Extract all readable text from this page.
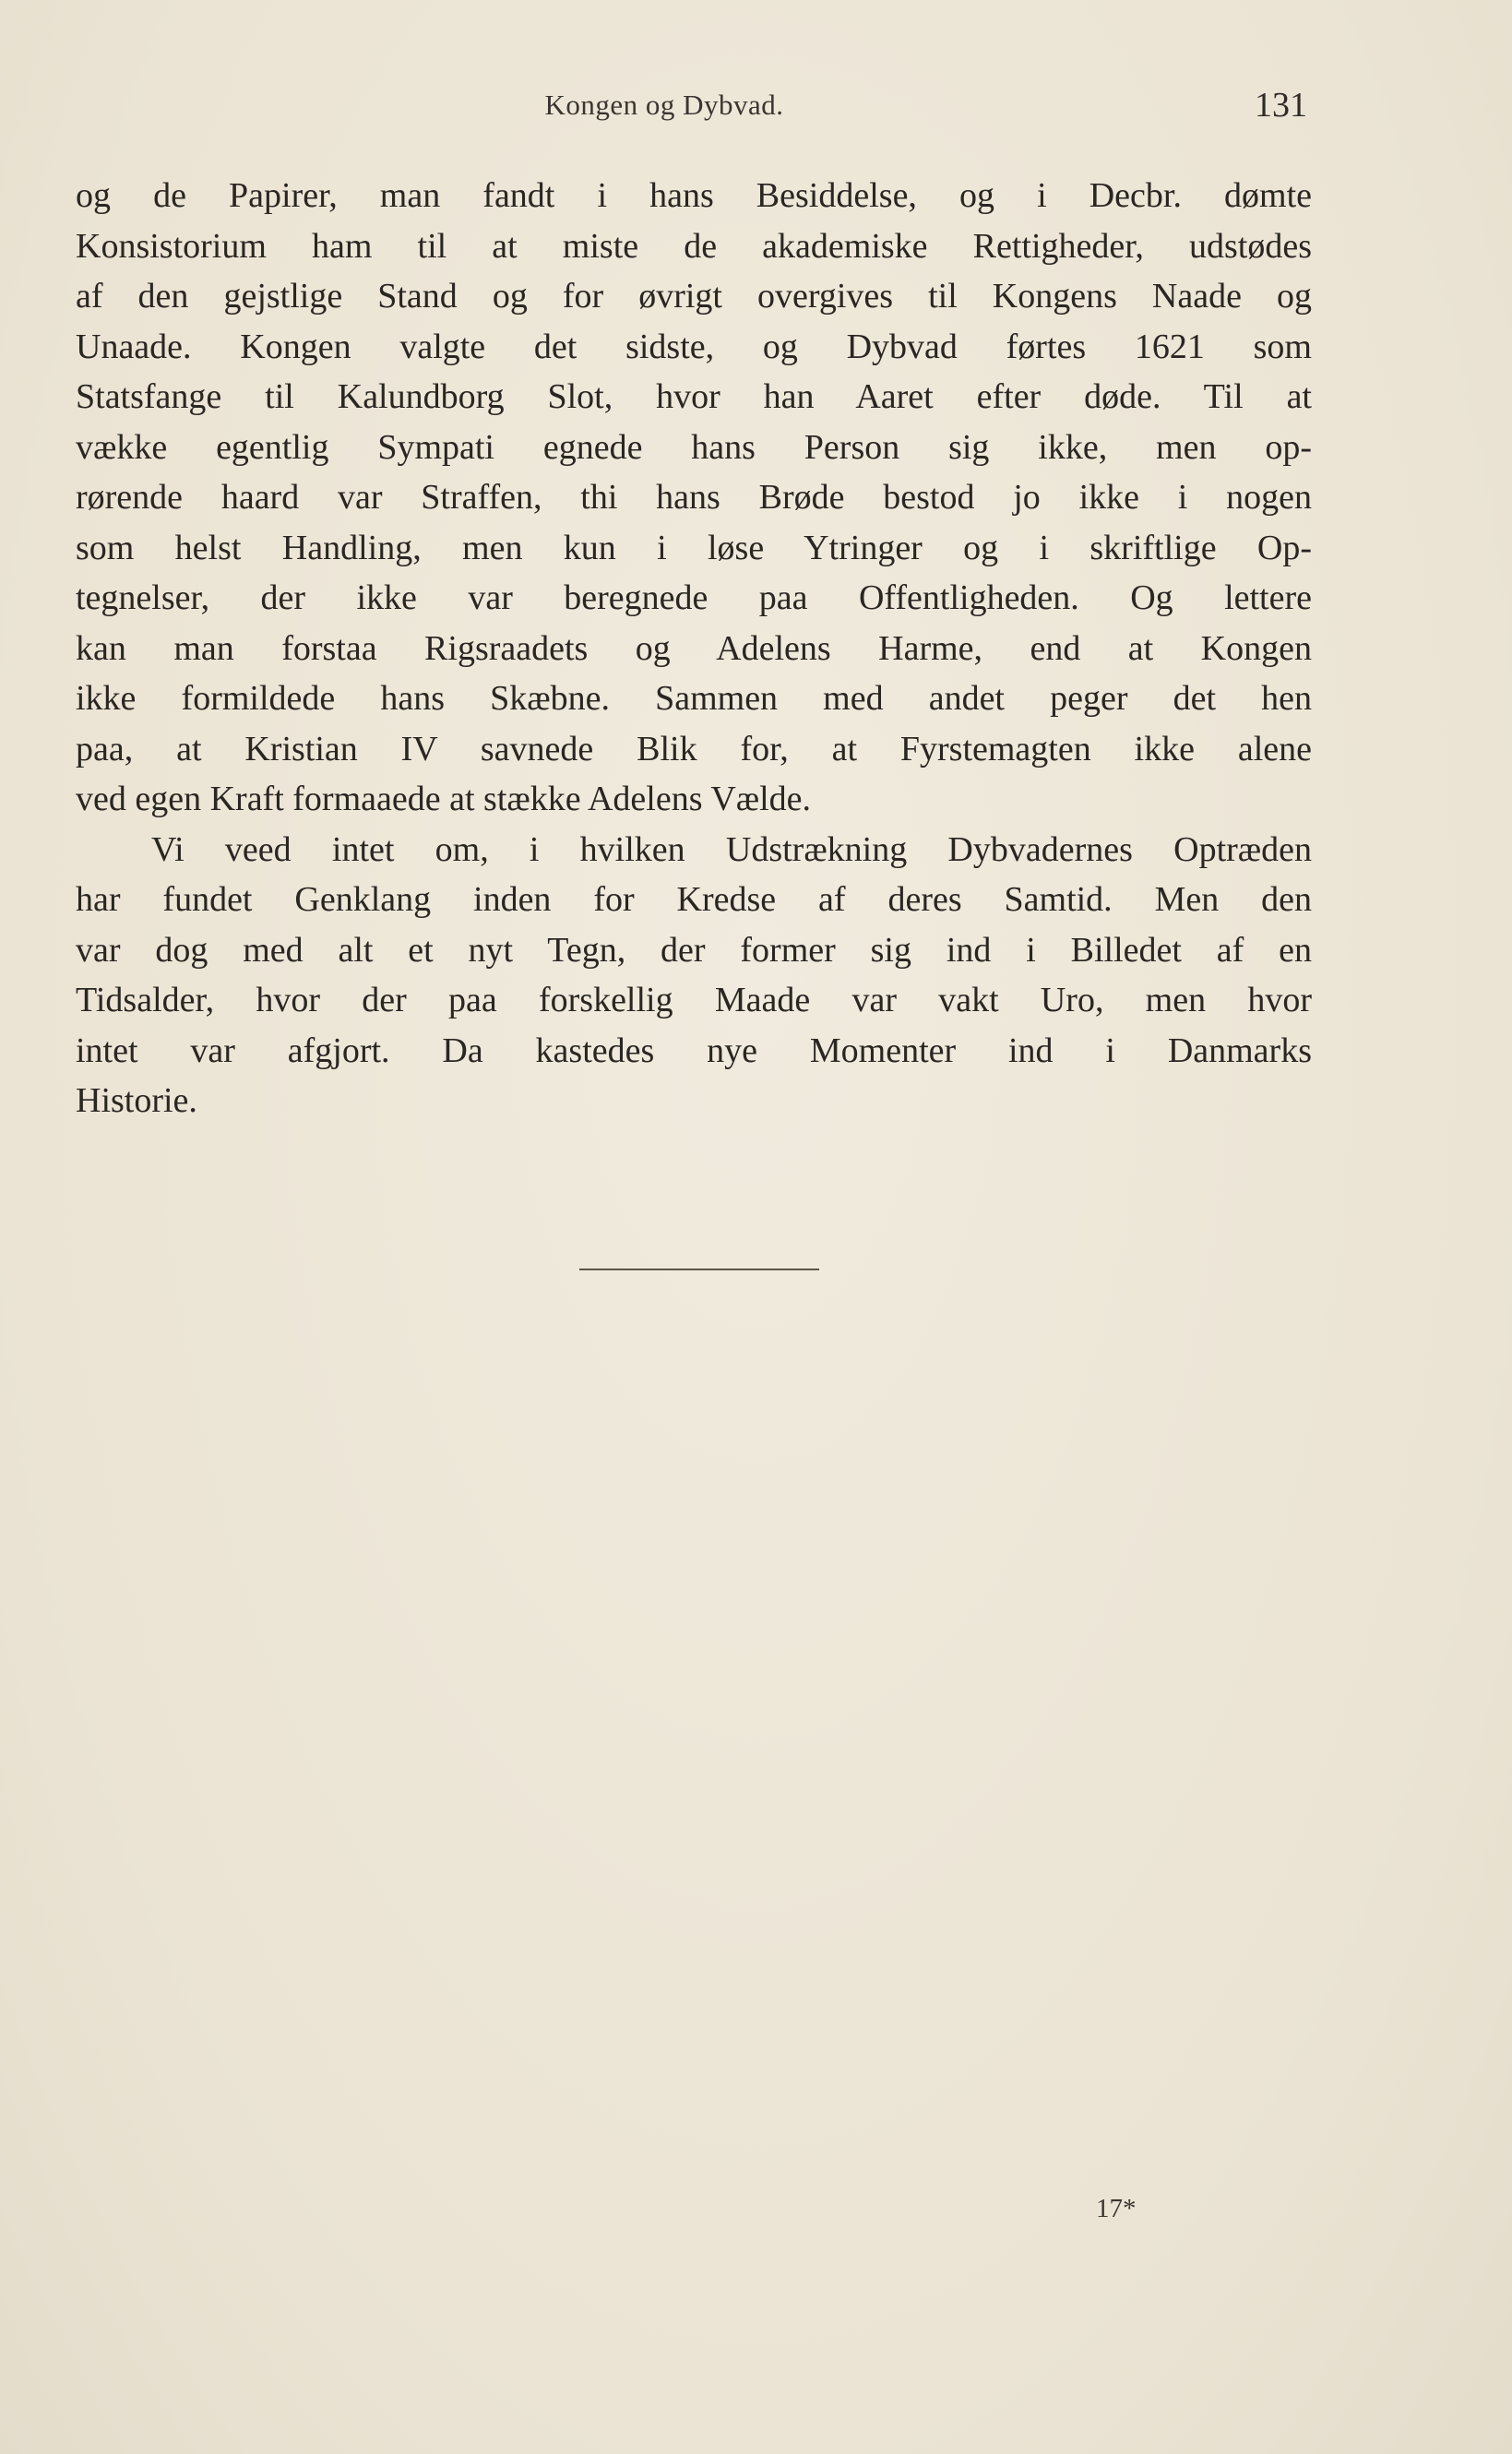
Kongen og Dybvad.	131
og de Papirer, man fandt i hans Besiddelse, og i Decbr. dømte
Konsistorium ham til at miste de akademiske Rettigheder, udstødes
af den gejstlige Stand og for øvrigt overgives til Kongens Naade og
Unaade. Kongen valgte det sidste, og Dybvad førtes 1621 som
Statsfange til Kalundborg Slot, hvor han Aaret efter døde. Til at
vække egentlig Sympati egnede hans Person sig ikke, men op-
rørende haard var Straffen, thi hans Brøde bestod jo ikke i nogen
som helst Handling, men kun i løse Ytringer og i skriftlige Op-
tegnelser, der ikke var beregnede paa Offentligheden. Og lettere
kan man forstaa Rigsraadets og Adelens Harme, end at Kongen
ikke formildede hans Skæbne. Sammen med andet peger det hen
paa, at Kristian IV savnede Blik for, at Fyrstemagten ikke alene
ved egen Kraft formaaede at stække Adelens Vælde.
Vi veed intet om, i hvilken Udstrækning Dybvadernes Optræden
har fundet Genklang inden for Kredse af deres Samtid. Men den
var dog med alt et nyt Tegn, der former sig ind i Billedet af en
Tidsalder, hvor der paa forskellig Maade var vakt Uro, men hvor
intet var afgjort. Da kastedes nye Momenter ind i Danmarks
Historie.
17*
